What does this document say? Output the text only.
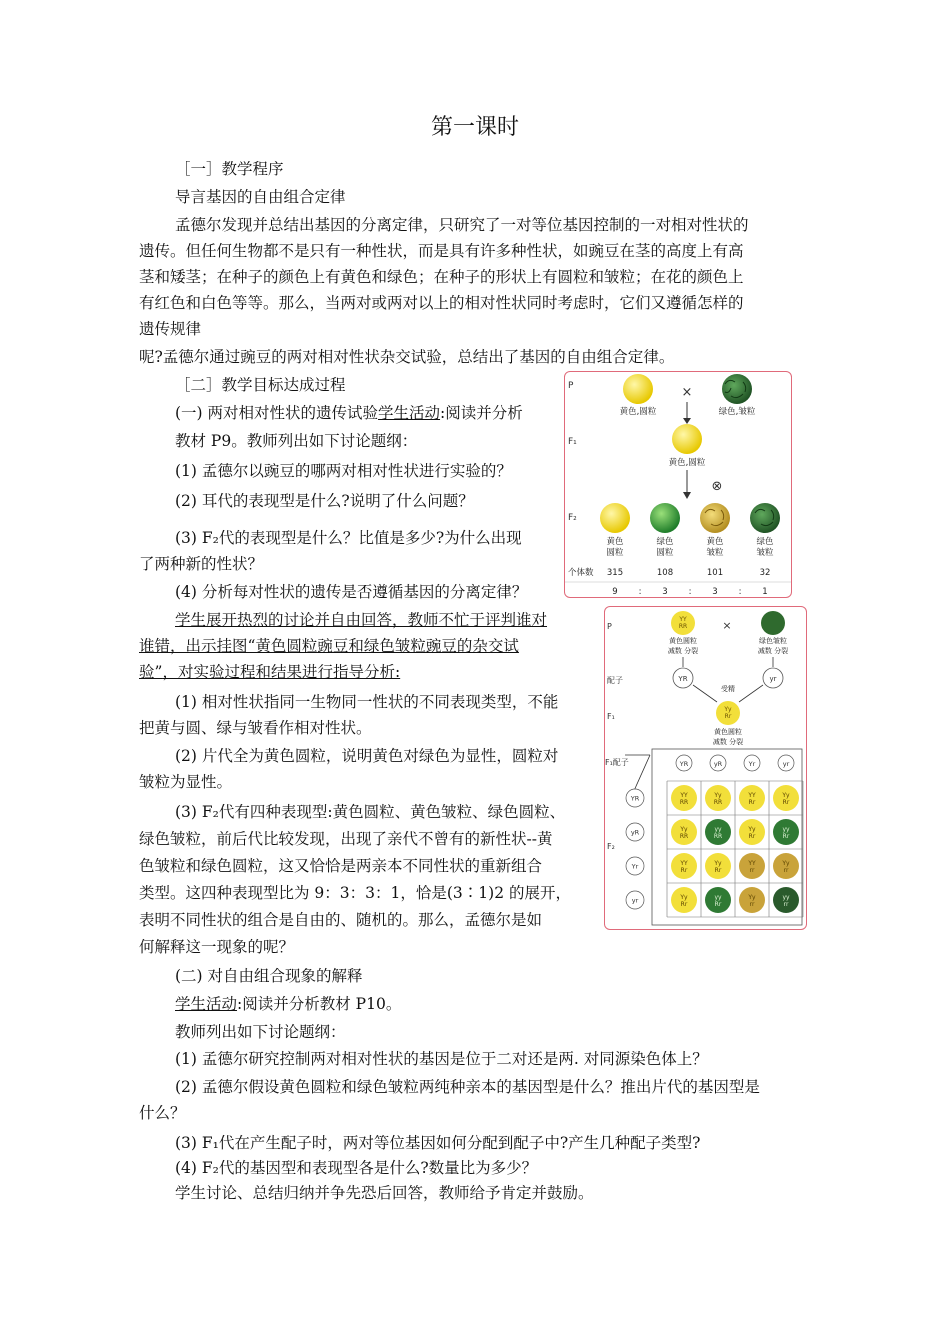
第一课时
［一］教学程序
导言基因的自由组合定律
孟德尔发现并总结出基因的分离定律，只研究了一对等位基因控制的一对相对性状的
遗传。但任何生物都不是只有一种性状，而是具有许多种性状，如豌豆在茎的高度上有高
茎和矮茎；在种子的颜色上有黄色和绿色；在种子的形状上有圆粒和皱粒；在花的颜色上
有红色和白色等等。那么，当两对或两对以上的相对性状同时考虑时，它们又遵循怎样的
遗传规律
呢?孟德尔通过豌豆的两对相对性状杂交试验，总结出了基因的自由组合定律。
［二］教学目标达成过程
(一) 两对相对性状的遗传试验学生活动:阅读并分析
教材 P9。教师列出如下讨论题纲：
(1) 孟德尔以豌豆的哪两对相对性状进行实验的？
(2) 耳代的表现型是什么?说明了什么问题？
(3) F₂代的表现型是什么？比值是多少?为什么出现
了两种新的性状？
(4) 分析每对性状的遗传是否遵循基因的分离定律？
学生展开热烈的讨论并自由回答，教师不忙于评判谁对
谁错，出示挂图“黄色圆粒豌豆和绿色皱粒豌豆的杂交试
验”，对实验过程和结果进行指导分析:
(1) 相对性状指同一生物同一性状的不同表现类型，不能
把黄与圆、绿与皱看作相对性状。
(2) 片代全为黄色圆粒，说明黄色对绿色为显性，圆粒对
皱粒为显性。
(3) F₂代有四种表现型:黄色圆粒、黄色皱粒、绿色圆粒、
绿色皱粒，前后代比较发现，出现了亲代不曾有的新性状--黄
色皱粒和绿色圆粒，这又恰恰是两亲本不同性状的重新组合
类型。这四种表现型比为 9：3：3：1，恰是(3∶1)2 的展开，
表明不同性状的组合是自由的、随机的。那么，孟德尔是如
何解释这一现象的呢？
(二) 对自由组合现象的解释
学生活动:阅读并分析教材 P10。
教师列出如下讨论题纲：
(1) 孟德尔研究控制两对相对性状的基因是位于二对还是两. 对同源染色体上？
(2) 孟德尔假设黄色圆粒和绿色皱粒两纯种亲本的基因型是什么？推出片代的基因型是
什么？
(3) F₁代在产生配子时，两对等位基因如何分配到配子中?产生几种配子类型?
(4) F₂代的基因型和表现型各是什么?数量比为多少？
学生讨论、总结归纳并争先恐后回答，教师给予肯定并鼓励。
P
F₁
F₂
黄色,圆粒
×
绿色,皱粒
黄色,圆粒
⊗
黄色
圆粒
315
绿色
圆粒
108
黄色
皱粒
101
绿色
皱粒
32
个体数
9 : 3 : 3 : 1
P
配子
F₁
F₁配子
F₂
YY RR
黄色圆粒
减数 分裂
×
绿色皱粒
减数 分裂
YR	yr
受精
Yy Rr
黄色圆粒
减数 分裂
YR
YR
yR
yR
Yr
Yr
yr
yr
YY
RR
Yy
RR
YY
Rr
Yy
Rr
Yy
RR
yy
RR
Yy
Rr
yy
Rr
YY
Rr
Yy
Rr
YY
rr
Yy
rr
Yy
Rr
yy
Rr
Yy
rr
yy
rr
